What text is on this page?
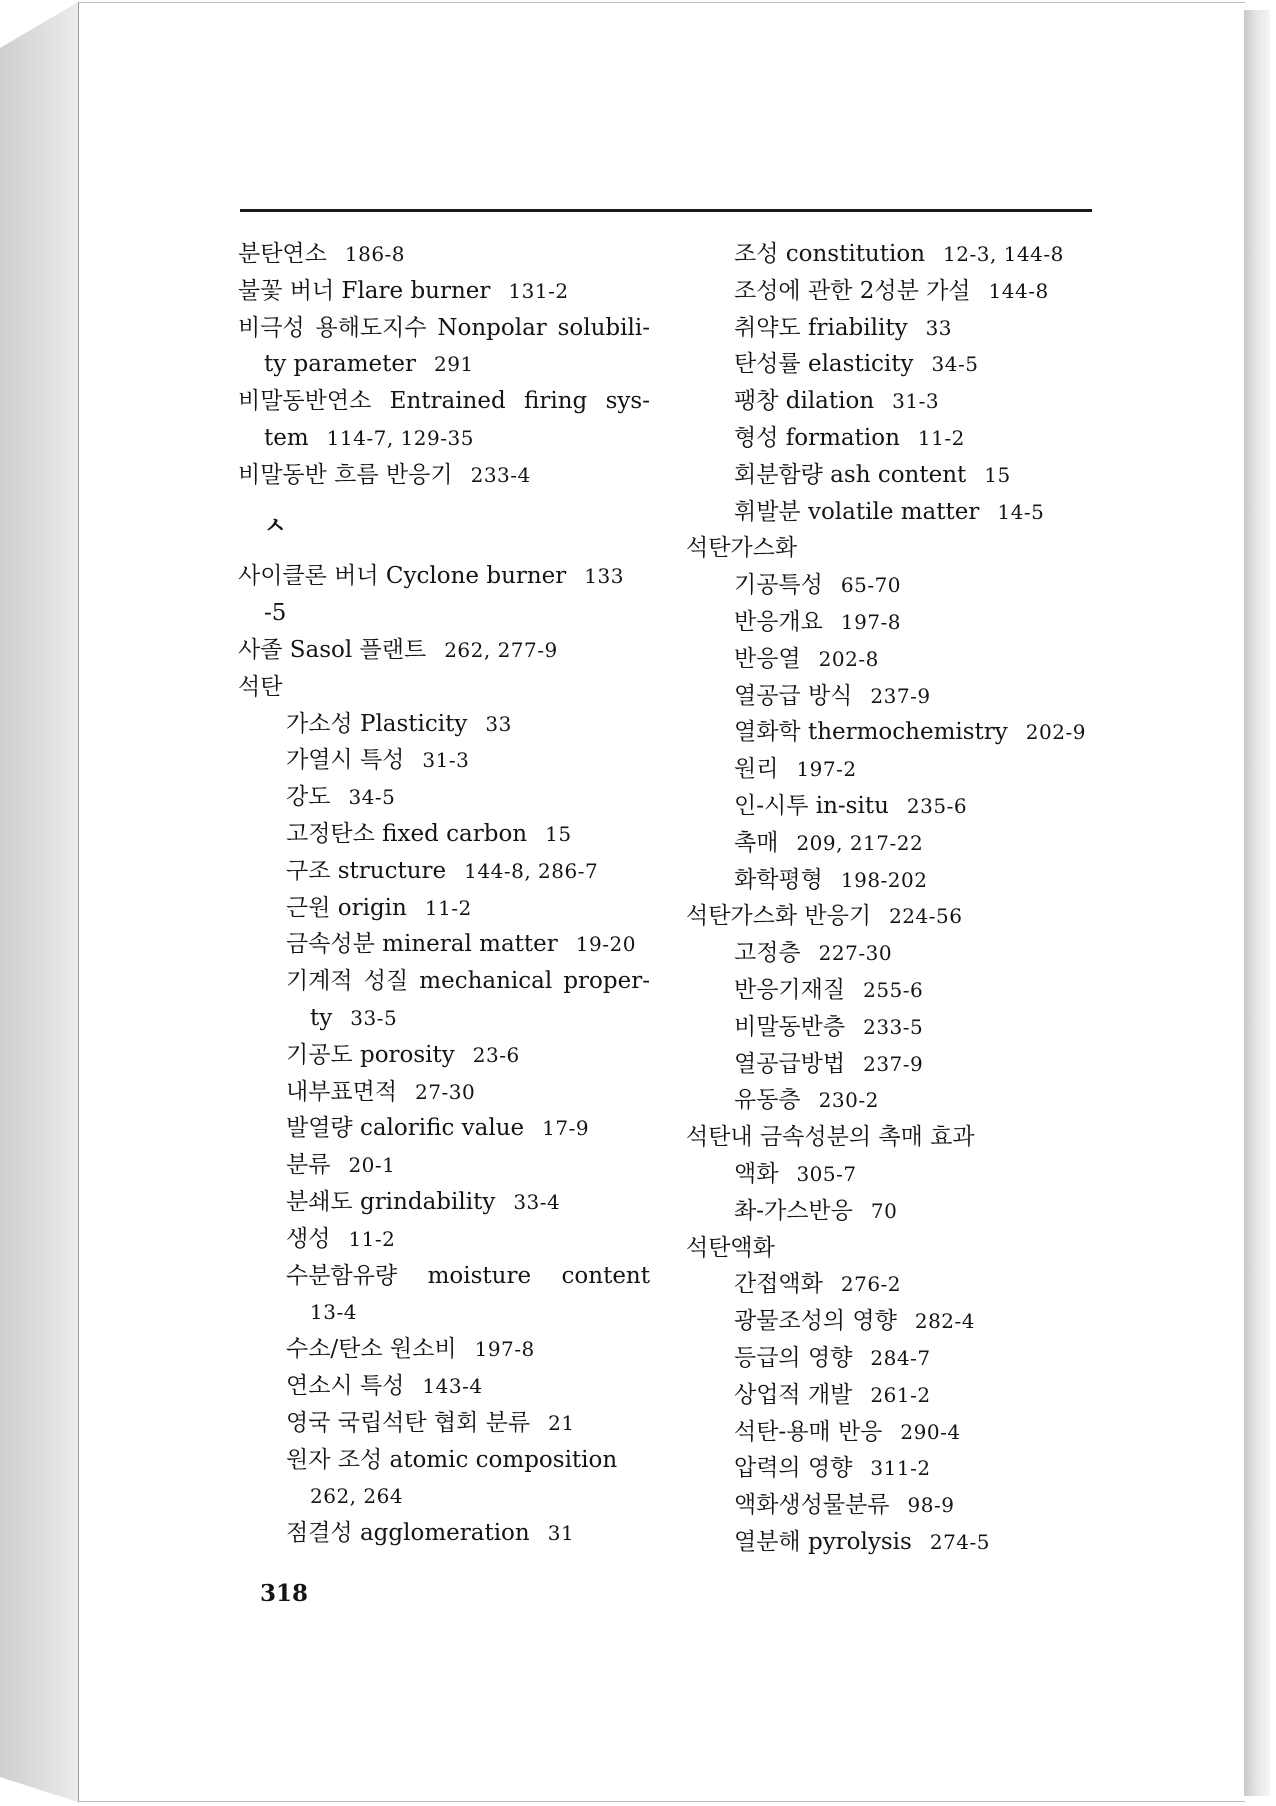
분탄연소 186-8
불꽃 버너 Flare burner 131-2
비극성 용해도지수 Nonpolar solubili-
ty parameter 291
비말동반연소 Entrained firing sys-
tem 114-7, 129-35
비말동반 흐름 반응기 233-4
ㅅ
사이클론 버너 Cyclone burner 133
-5
사졸 Sasol 플랜트 262, 277-9
석탄
가소성 Plasticity 33
가열시 특성 31-3
강도 34-5
고정탄소 fixed carbon 15
구조 structure 144-8, 286-7
근원 origin 11-2
금속성분 mineral matter 19-20
기계적 성질 mechanical proper-
ty 33-5
기공도 porosity 23-6
내부표면적 27-30
발열량 calorific value 17-9
분류 20-1
분쇄도 grindability 33-4
생성 11-2
수분함유량 moisture content
13-4
수소/탄소 원소비 197-8
연소시 특성 143-4
영국 국립석탄 협회 분류 21
원자 조성 atomic composition
262, 264
점결성 agglomeration 31
조성 constitution 12-3, 144-8
조성에 관한 2성분 가설 144-8
취약도 friability 33
탄성률 elasticity 34-5
팽창 dilation 31-3
형성 formation 11-2
회분함량 ash content 15
휘발분 volatile matter 14-5
석탄가스화
기공특성 65-70
반응개요 197-8
반응열 202-8
열공급 방식 237-9
열화학 thermochemistry 202-9
원리 197-2
인-시투 in-situ 235-6
촉매 209, 217-22
화학평형 198-202
석탄가스화 반응기 224-56
고정층 227-30
반응기재질 255-6
비말동반층 233-5
열공급방법 237-9
유동층 230-2
석탄내 금속성분의 촉매 효과
액화 305-7
촤-가스반응 70
석탄액화
간접액화 276-2
광물조성의 영향 282-4
등급의 영향 284-7
상업적 개발 261-2
석탄-용매 반응 290-4
압력의 영향 311-2
액화생성물분류 98-9
열분해 pyrolysis 274-5
318
